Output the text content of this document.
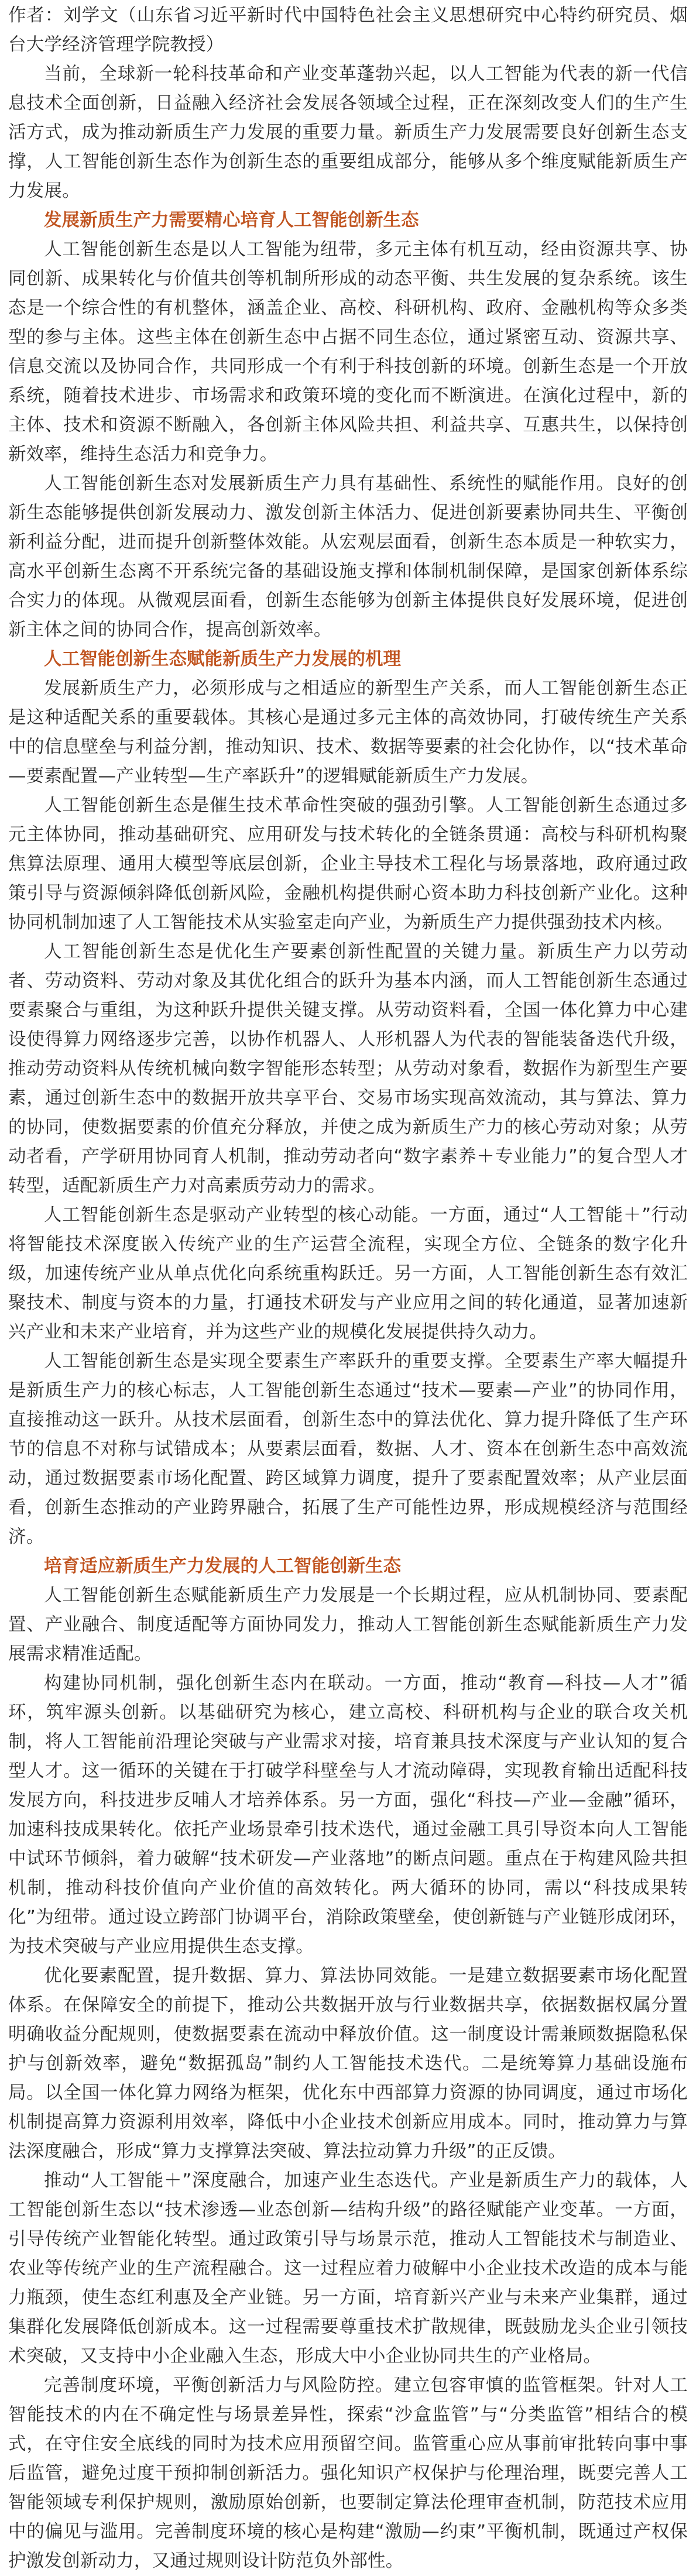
作者：刘学文（山东省习近平新时代中国特色社会主义思想研究中心特约研究员、烟台大学经济管理学院教授）

当前，全球新一轮科技革命和产业变革蓬勃兴起，以人工智能为代表的新一代信息技术全面创新，日益融入经济社会发展各领域全过程，正在深刻改变人们的生产生活方式，成为推动新质生产力发展的重要力量。新质生产力发展需要良好创新生态支撑，人工智能创新生态作为创新生态的重要组成部分，能够从多个维度赋能新质生产力发展。

发展新质生产力需要精心培育人工智能创新生态

人工智能创新生态是以人工智能为纽带，多元主体有机互动，经由资源共享、协同创新、成果转化与价值共创等机制所形成的动态平衡、共生发展的复杂系统。该生态是一个综合性的有机整体，涵盖企业、高校、科研机构、政府、金融机构等众多类型的参与主体。这些主体在创新生态中占据不同生态位，通过紧密互动、资源共享、信息交流以及协同合作，共同形成一个有利于科技创新的环境。创新生态是一个开放系统，随着技术进步、市场需求和政策环境的变化而不断演进。在演化过程中，新的主体、技术和资源不断融入，各创新主体风险共担、利益共享、互惠共生，以保持创新效率，维持生态活力和竞争力。

人工智能创新生态对发展新质生产力具有基础性、系统性的赋能作用。良好的创新生态能够提供创新发展动力、激发创新主体活力、促进创新要素协同共生、平衡创新利益分配，进而提升创新整体效能。从宏观层面看，创新生态本质是一种软实力，高水平创新生态离不开系统完备的基础设施支撑和体制机制保障，是国家创新体系综合实力的体现。从微观层面看，创新生态能够为创新主体提供良好发展环境，促进创新主体之间的协同合作，提高创新效率。

人工智能创新生态赋能新质生产力发展的机理

发展新质生产力，必须形成与之相适应的新型生产关系，而人工智能创新生态正是这种适配关系的重要载体。其核心是通过多元主体的高效协同，打破传统生产关系中的信息壁垒与利益分割，推动知识、技术、数据等要素的社会化协作，以“技术革命—要素配置—产业转型—生产率跃升”的逻辑赋能新质生产力发展。

人工智能创新生态是催生技术革命性突破的强劲引擎。人工智能创新生态通过多元主体协同，推动基础研究、应用研发与技术转化的全链条贯通：高校与科研机构聚焦算法原理、通用大模型等底层创新，企业主导技术工程化与场景落地，政府通过政策引导与资源倾斜降低创新风险，金融机构提供耐心资本助力科技创新产业化。这种协同机制加速了人工智能技术从实验室走向产业，为新质生产力提供强劲技术内核。

人工智能创新生态是优化生产要素创新性配置的关键力量。新质生产力以劳动者、劳动资料、劳动对象及其优化组合的跃升为基本内涵，而人工智能创新生态通过要素聚合与重组，为这种跃升提供关键支撑。从劳动资料看，全国一体化算力中心建设使得算力网络逐步完善，以协作机器人、人形机器人为代表的智能装备迭代升级，推动劳动资料从传统机械向数字智能形态转型；从劳动对象看，数据作为新型生产要素，通过创新生态中的数据开放共享平台、交易市场实现高效流动，其与算法、算力的协同，使数据要素的价值充分释放，并使之成为新质生产力的核心劳动对象；从劳动者看，产学研用协同育人机制，推动劳动者向“数字素养＋专业能力”的复合型人才转型，适配新质生产力对高素质劳动力的需求。

人工智能创新生态是驱动产业转型的核心动能。一方面，通过“人工智能＋”行动将智能技术深度嵌入传统产业的生产运营全流程，实现全方位、全链条的数字化升级，加速传统产业从单点优化向系统重构跃迁。另一方面，人工智能创新生态有效汇聚技术、制度与资本的力量，打通技术研发与产业应用之间的转化通道，显著加速新兴产业和未来产业培育，并为这些产业的规模化发展提供持久动力。

人工智能创新生态是实现全要素生产率跃升的重要支撑。全要素生产率大幅提升是新质生产力的核心标志，人工智能创新生态通过“技术—要素—产业”的协同作用，直接推动这一跃升。从技术层面看，创新生态中的算法优化、算力提升降低了生产环节的信息不对称与试错成本；从要素层面看，数据、人才、资本在创新生态中高效流动，通过数据要素市场化配置、跨区域算力调度，提升了要素配置效率；从产业层面看，创新生态推动的产业跨界融合，拓展了生产可能性边界，形成规模经济与范围经济。

培育适应新质生产力发展的人工智能创新生态

人工智能创新生态赋能新质生产力发展是一个长期过程，应从机制协同、要素配置、产业融合、制度适配等方面协同发力，推动人工智能创新生态赋能新质生产力发展需求精准适配。

构建协同机制，强化创新生态内在联动。一方面，推动“教育—科技—人才”循环，筑牢源头创新。以基础研究为核心，建立高校、科研机构与企业的联合攻关机制，将人工智能前沿理论突破与产业需求对接，培育兼具技术深度与产业认知的复合型人才。这一循环的关键在于打破学科壁垒与人才流动障碍，实现教育输出适配科技发展方向，科技进步反哺人才培养体系。另一方面，强化“科技—产业—金融”循环，加速科技成果转化。依托产业场景牵引技术迭代，通过金融工具引导资本向人工智能中试环节倾斜，着力破解“技术研发—产业落地”的断点问题。重点在于构建风险共担机制，推动科技价值向产业价值的高效转化。两大循环的协同，需以“科技成果转化”为纽带。通过设立跨部门协调平台，消除政策壁垒，使创新链与产业链形成闭环，为技术突破与产业应用提供生态支撑。

优化要素配置，提升数据、算力、算法协同效能。一是建立数据要素市场化配置体系。在保障安全的前提下，推动公共数据开放与行业数据共享，依据数据权属分置明确收益分配规则，使数据要素在流动中释放价值。这一制度设计需兼顾数据隐私保护与创新效率，避免“数据孤岛”制约人工智能技术迭代。二是统筹算力基础设施布局。以全国一体化算力网络为框架，优化东中西部算力资源的协同调度，通过市场化机制提高算力资源利用效率，降低中小企业技术创新应用成本。同时，推动算力与算法深度融合，形成“算力支撑算法突破、算法拉动算力升级”的正反馈。

推动“人工智能＋”深度融合，加速产业生态迭代。产业是新质生产力的载体，人工智能创新生态以“技术渗透—业态创新—结构升级”的路径赋能产业变革。一方面，引导传统产业智能化转型。通过政策引导与场景示范，推动人工智能技术与制造业、农业等传统产业的生产流程融合。这一过程应着力破解中小企业技术改造的成本与能力瓶颈，使生态红利惠及全产业链。另一方面，培育新兴产业与未来产业集群，通过集群化发展降低创新成本。这一过程需要尊重技术扩散规律，既鼓励龙头企业引领技术突破，又支持中小企业融入生态，形成大中小企业协同共生的产业格局。

完善制度环境，平衡创新活力与风险防控。建立包容审慎的监管框架。针对人工智能技术的内在不确定性与场景差异性，探索“沙盒监管”与“分类监管”相结合的模式，在守住安全底线的同时为技术应用预留空间。监管重心应从事前审批转向事中事后监管，避免过度干预抑制创新活力。强化知识产权保护与伦理治理，既要完善人工智能领域专利保护规则，激励原始创新，也要制定算法伦理审查机制，防范技术应用中的偏见与滥用。完善制度环境的核心是构建“激励—约束”平衡机制，既通过产权保护激发创新动力，又通过规则设计防范负外部性。
